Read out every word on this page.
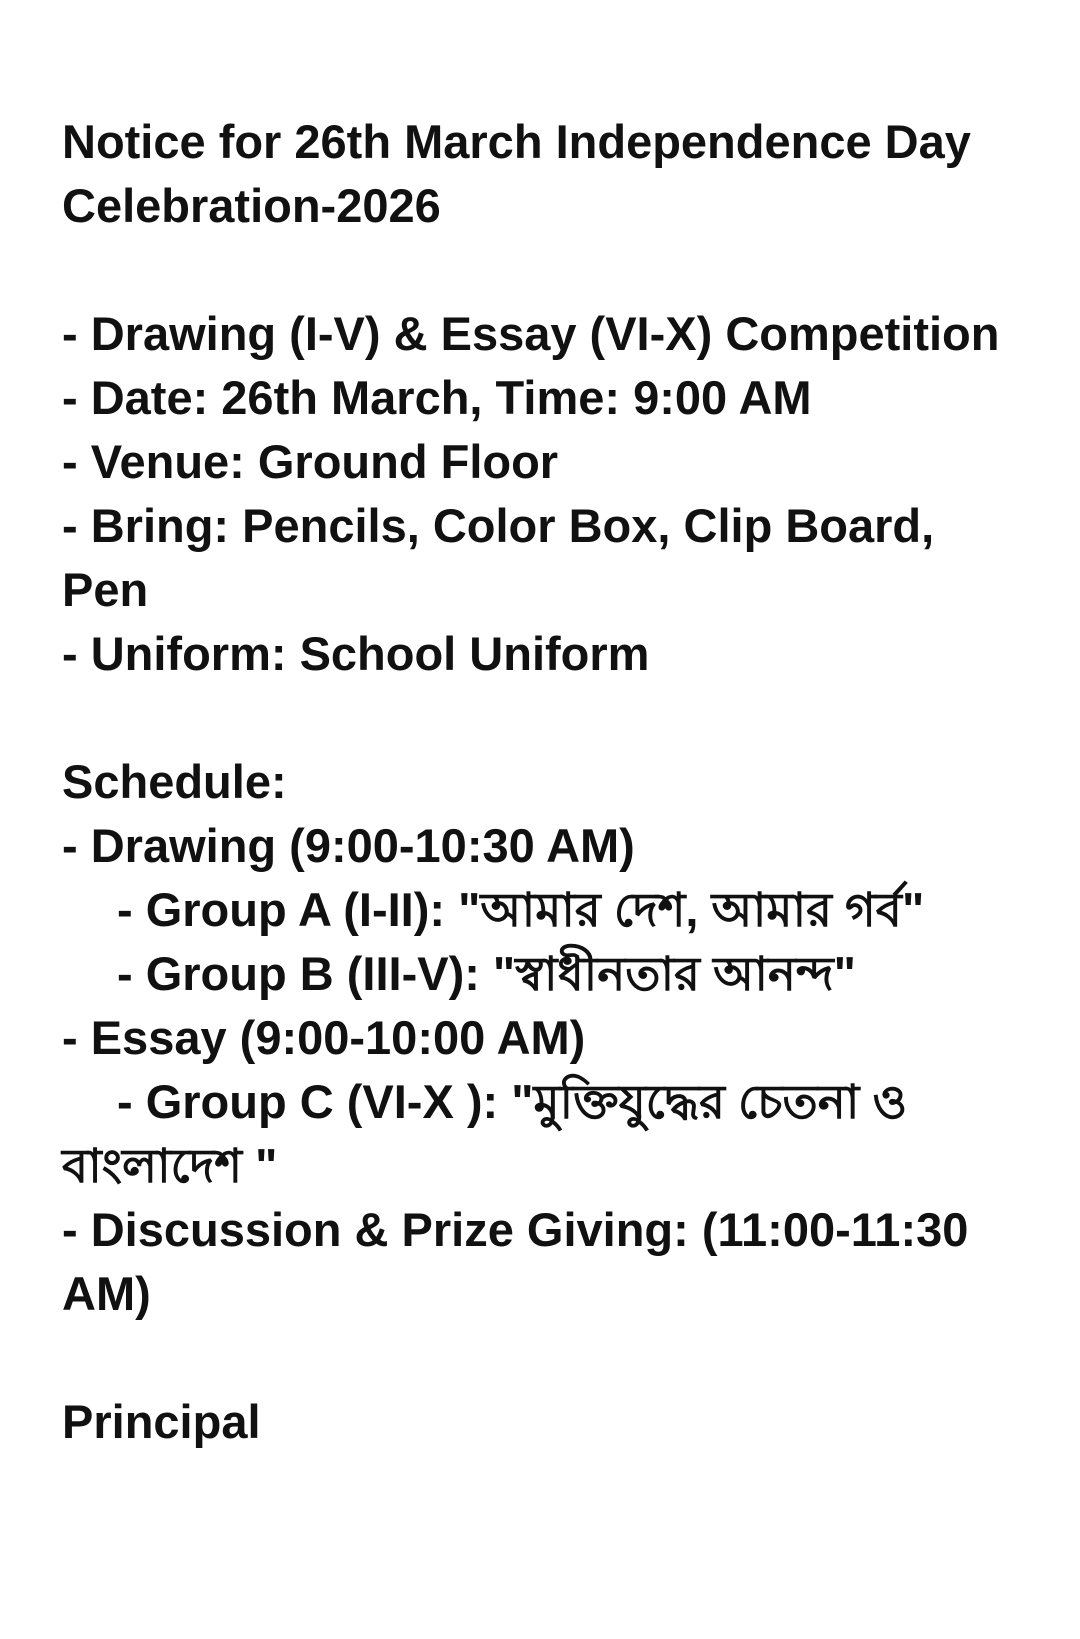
Notice for 26th March Independence Day
Celebration-2026
- Drawing (I-V) & Essay (VI-X) Competition
- Date: 26th March, Time: 9:00 AM
- Venue: Ground Floor
- Bring: Pencils, Color Box, Clip Board,
Pen
- Uniform: School Uniform
Schedule:
- Drawing (9:00-10:30 AM)
- Group A (I-II): "আমার দেশ, আমার গর্ব"
- Group B (III-V): "স্বাধীনতার আনন্দ"
- Essay (9:00-10:00 AM)
- Group C (VI-X ): "মুক্তিযুদ্ধের চেতনা ও
বাংলাদেশ "
- Discussion & Prize Giving: (11:00-11:30
AM)
Principal
